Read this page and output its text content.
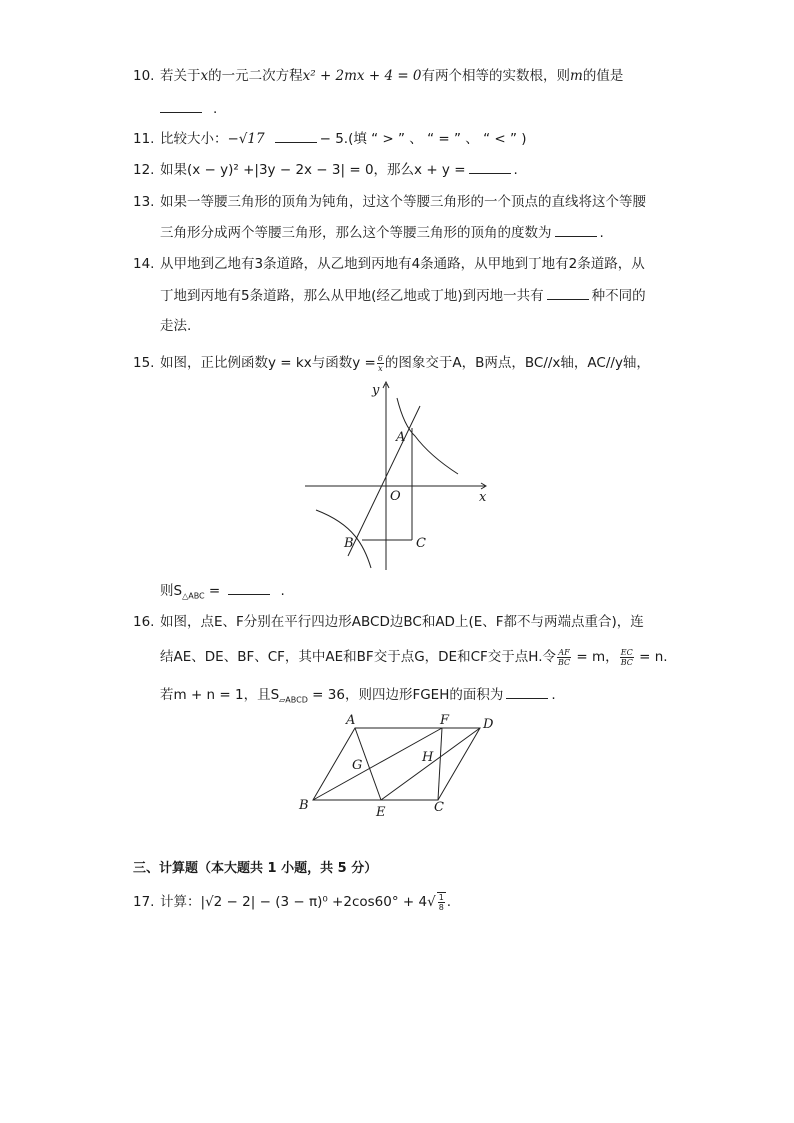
10. 若关于x的一元二次方程x² + 2mx + 4 = 0有两个相等的实数根，则m的值是
.
11. 比较大小：−√17	− 5.(填 “ > ” 、 “ = ” 、 “ < ” )
12. 如果(x − y)² +|3y − 2x − 3| = 0，那么x + y =	.
13. 如果一等腰三角形的顶角为钝角，过这个等腰三角形的一个顶点的直线将这个等腰
三角形分成两个等腰三角形，那么这个等腰三角形的顶角的度数为	.
14. 从甲地到乙地有3条道路，从乙地到丙地有4条通路，从甲地到丁地有2条道路，从
丁地到丙地有5条道路，那么从甲地(经乙地或丁地)到丙地一共有	种不同的
走法.
15. 如图，正比例函数y = kx与函数$y = \frac{6}{x}$ 的图象交于A，B两点，BC//x轴，AC//y轴，
y
x
A
O
B	C
则$S_{\triangle ABC}$ =	.
16. 如图，点E、F分别在平行四边形ABCD边BC和AD上(E、F都不与两端点重合)，连
结AE、DE、BF、CF，其中AE和BF交于点G，DE和CF交于点H.令 $\frac{AF}{BC} = m$， $\frac{EC}{BC} = n$.
若m + n = 1，且$S_{▱ABCD} = 36$，则四边形FGEH的面积为	.
A	F	D
G
H
B	E	C
三、计算题（本大题共 1 小题，共 5 分）
17. 计算：$|√2 - 2| - (3 - \pi)^0 +2\cos 60^\circ + 4√ \frac{1}{8}$ .
